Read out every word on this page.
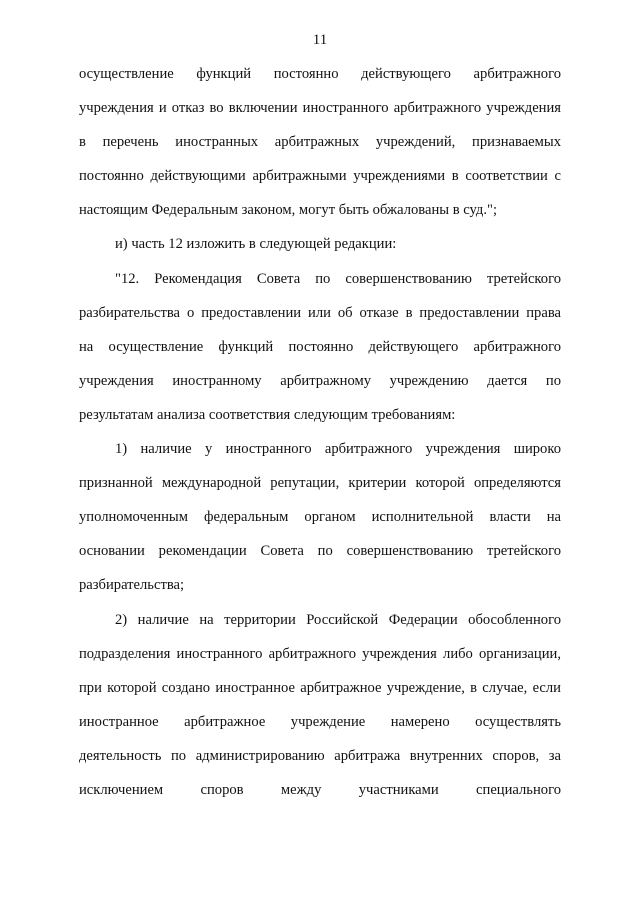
11
осуществление функций постоянно действующего арбитражного
учреждения и отказ во включении иностранного арбитражного учреждения
в перечень иностранных арбитражных учреждений, признаваемых
постоянно действующими арбитражными учреждениями в соответствии с
настоящим Федеральным законом, могут быть обжалованы в суд.";
и) часть 12 изложить в следующей редакции:
"12. Рекомендация Совета по совершенствованию третейского
разбирательства о предоставлении или об отказе в предоставлении права
на осуществление функций постоянно действующего арбитражного
учреждения иностранному арбитражному учреждению дается по
результатам анализа соответствия следующим требованиям:
1) наличие у иностранного арбитражного учреждения широко
признанной международной репутации, критерии которой определяются
уполномоченным федеральным органом исполнительной власти на
основании рекомендации Совета по совершенствованию третейского
разбирательства;
2) наличие на территории Российской Федерации обособленного
подразделения иностранного арбитражного учреждения либо организации,
при которой создано иностранное арбитражное учреждение, в случае, если
иностранное арбитражное учреждение намерено осуществлять
деятельность по администрированию арбитража внутренних споров, за
исключением споров между участниками специального
